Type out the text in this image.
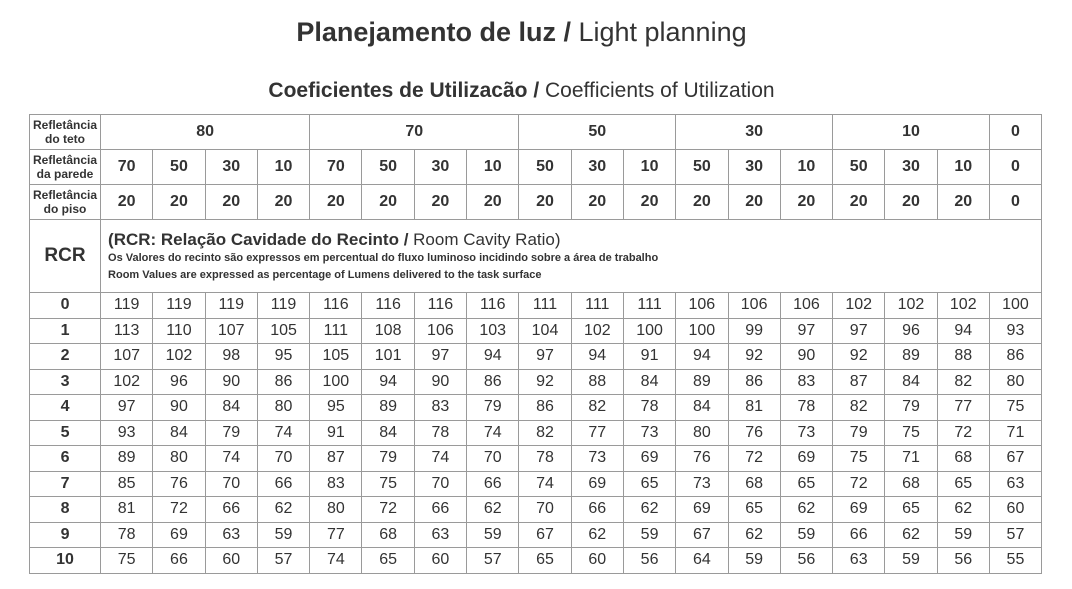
Planejamento de luz / Light planning
Coeficientes de Utilizacão / Coefficients of Utilization
Refletância
do teto	80				70				50			30			10			0
Refletância
da parede	70	50	30	10	70	50	30	10	50	30	10	50	30	10	50	30	10	0
Refletância
do piso	20	20	20	20	20	20	20	20	20	20	20	20	20	20	20	20	20	0
RCR	(RCR: Relação Cavidade do Recinto / Room Cavity Ratio)
Os Valores do recinto são expressos em percentual do fluxo luminoso incidindo sobre a área de trabalho
Room Values are expressed as percentage of Lumens delivered to the task surface																	

0	119	119	119	119	116	116	116	116	111	111	111	106	106	106	102	102	102	100
1	113	110	107	105	111	108	106	103	104	102	100	100	99	97	97	96	94	93
2	107	102	98	95	105	101	97	94	97	94	91	94	92	90	92	89	88	86
3	102	96	90	86	100	94	90	86	92	88	84	89	86	83	87	84	82	80
4	97	90	84	80	95	89	83	79	86	82	78	84	81	78	82	79	77	75
5	93	84	79	74	91	84	78	74	82	77	73	80	76	73	79	75	72	71
6	89	80	74	70	87	79	74	70	78	73	69	76	72	69	75	71	68	67
7	85	76	70	66	83	75	70	66	74	69	65	73	68	65	72	68	65	63
8	81	72	66	62	80	72	66	62	70	66	62	69	65	62	69	65	62	60
9	78	69	63	59	77	68	63	59	67	62	59	67	62	59	66	62	59	57
10	75	66	60	57	74	65	60	57	65	60	56	64	59	56	63	59	56	55
